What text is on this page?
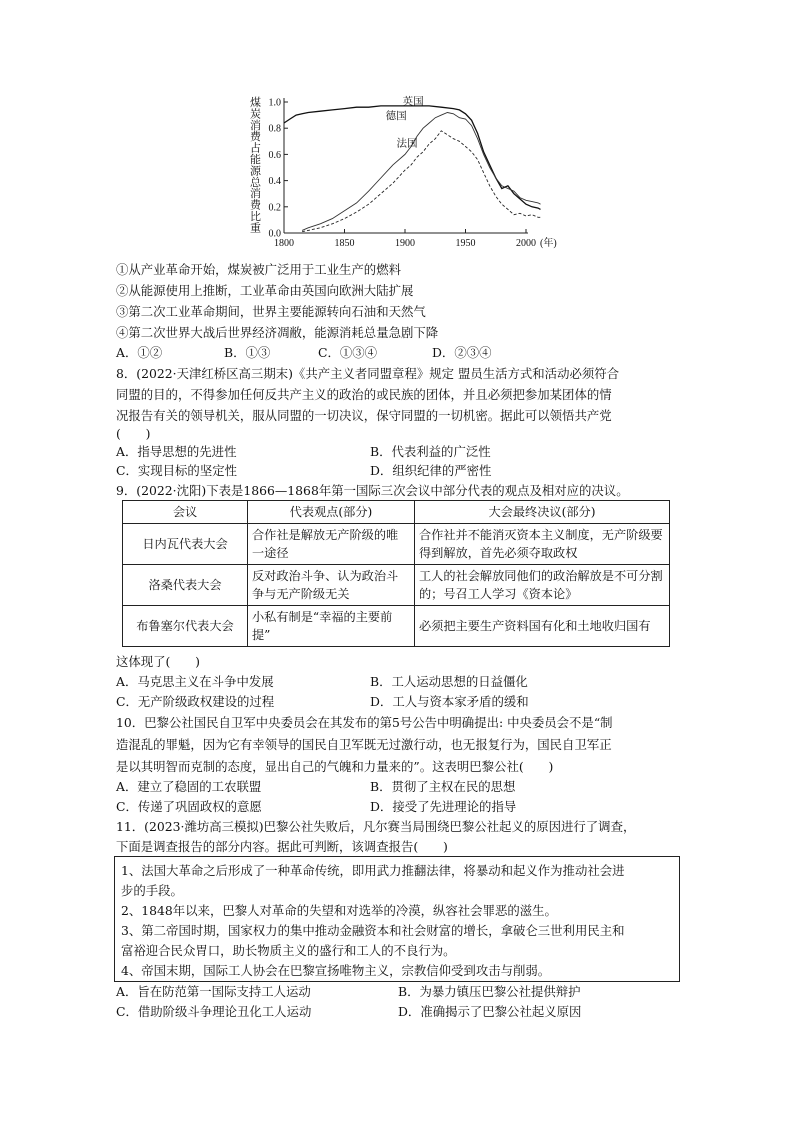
0.0
0.2
0.4
0.6
0.8
1.0
1800	1850	1900	1950	2000 (年)
煤
炭
消
费
占
能
源
总
消
费
比
重
英国
德国
法国
①从产业革命开始，煤炭被广泛用于工业生产的燃料
②从能源使用上推断，工业革命由英国向欧洲大陆扩展
③第二次工业革命期间，世界主要能源转向石油和天然气
④第二次世界大战后世界经济凋敝，能源消耗总量急剧下降
A．①②	B．①③	C．①③④	D．②③④
8．(2022·天津红桥区高三期末)《共产主义者同盟章程》规定 盟员生活方式和活动必须符合
同盟的目的，不得参加任何反共产主义的政治的或民族的团体，并且必须把参加某团体的情
况报告有关的领导机关，服从同盟的一切决议，保守同盟的一切机密。据此可以领悟共产党
(　　)
A．指导思想的先进性	B．代表利益的广泛性
C．实现目标的坚定性	D．组织纪律的严密性
9．(2022·沈阳)下表是1866—1868年第一国际三次会议中部分代表的观点及相对应的决议。
会议	代表观点(部分)	大会最终决议(部分)
日内瓦代表大会	合作社是解放无产阶级的唯一途径	合作社并不能消灭资本主义制度，无产阶级要得到解放，首先必须夺取政权
洛桑代表大会	反对政治斗争、认为政治斗争与无产阶级无关	工人的社会解放同他们的政治解放是不可分割的；号召工人学习《资本论》
布鲁塞尔代表大会	小私有制是“幸福的主要前提”	必须把主要生产资料国有化和土地收归国有
这体现了(　　)
A．马克思主义在斗争中发展	B．工人运动思想的日益僵化
C．无产阶级政权建设的过程	D．工人与资本家矛盾的缓和
10．巴黎公社国民自卫军中央委员会在其发布的第5号公告中明确提出: 中央委员会不是“制
造混乱的罪魁，因为它有幸领导的国民自卫军既无过激行动，也无报复行为，国民自卫军正
是以其明智而克制的态度，显出自己的气魄和力量来的”。这表明巴黎公社(　　)
A．建立了稳固的工农联盟	B．贯彻了主权在民的思想
C．传递了巩固政权的意愿	D．接受了先进理论的指导
11．(2023·潍坊高三模拟)巴黎公社失败后，凡尔赛当局围绕巴黎公社起义的原因进行了调查，
下面是调查报告的部分内容。据此可判断，该调查报告(　　)
1、法国大革命之后形成了一种革命传统，即用武力推翻法律，将暴动和起义作为推动社会进
步的手段。
2、1848年以来，巴黎人对革命的失望和对选举的冷漠，纵容社会罪恶的滋生。
3、第二帝国时期，国家权力的集中推动金融资本和社会财富的增长，拿破仑三世利用民主和
富裕迎合民众胃口，助长物质主义的盛行和工人的不良行为。
4、帝国末期，国际工人协会在巴黎宣扬唯物主义，宗教信仰受到攻击与削弱。
A．旨在防范第一国际支持工人运动	B．为暴力镇压巴黎公社提供辩护
C．借助阶级斗争理论丑化工人运动	D．准确揭示了巴黎公社起义原因
